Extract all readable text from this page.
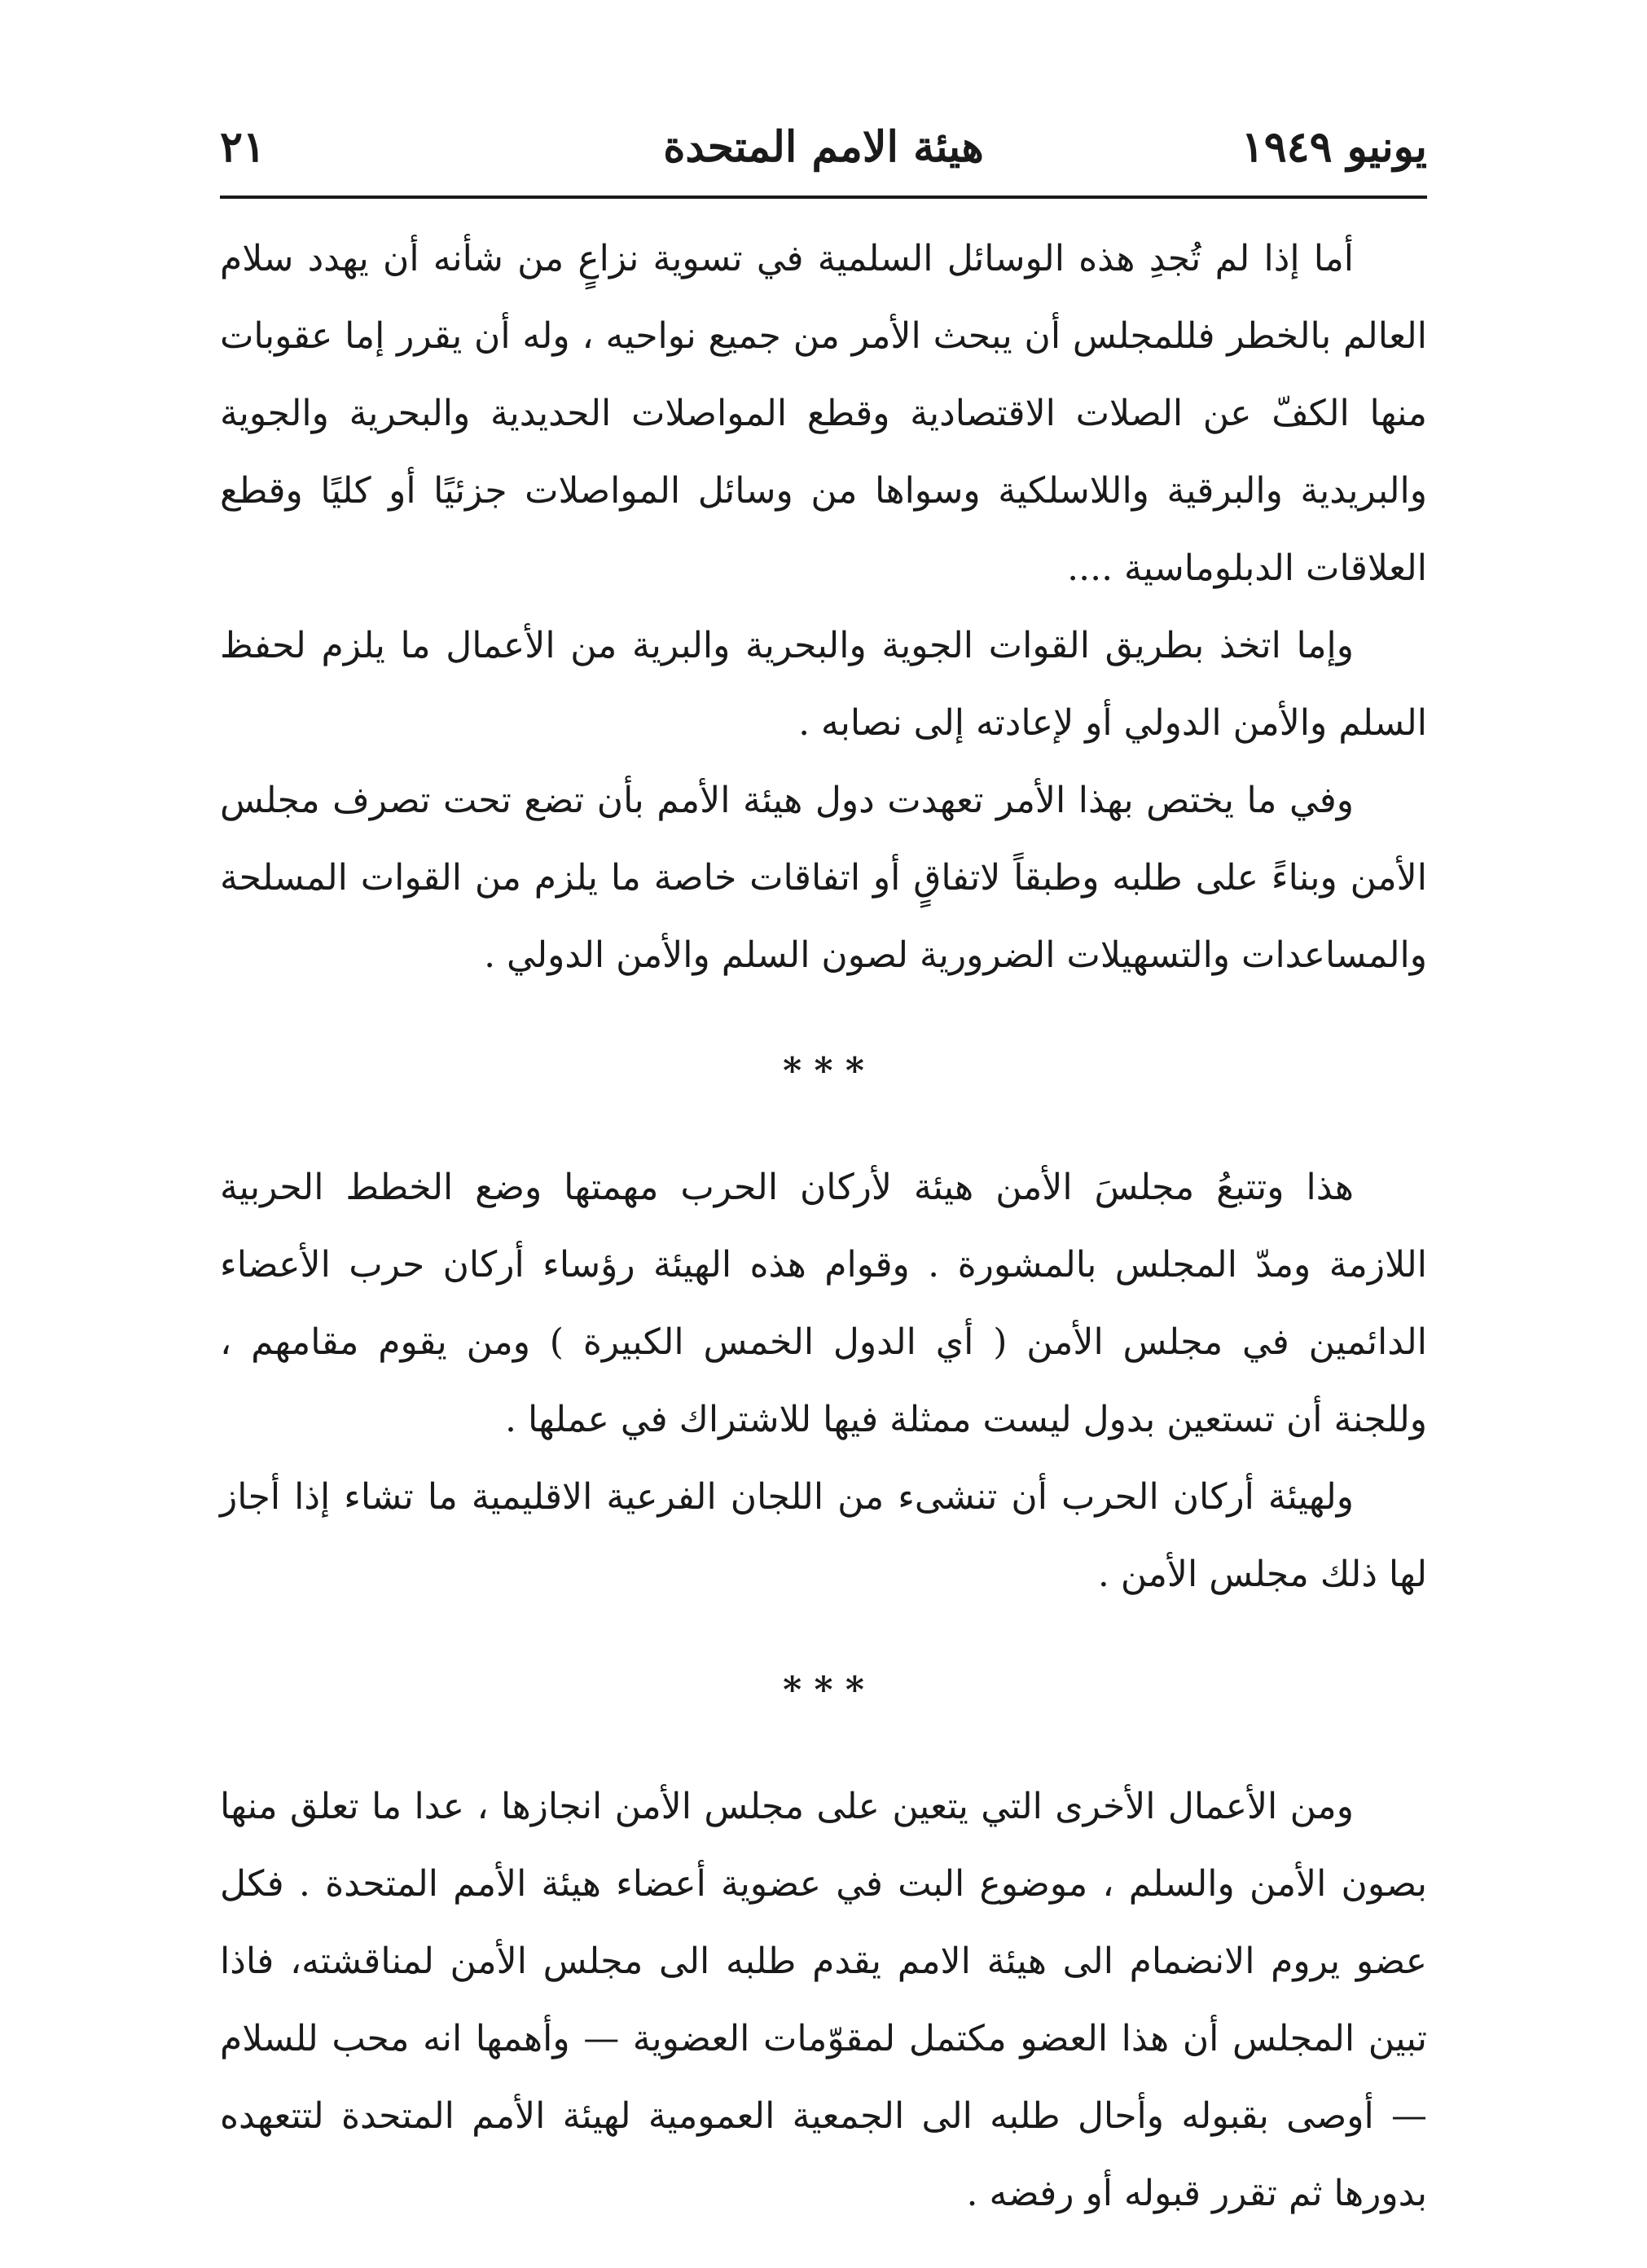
يونيو ١٩٤٩
هيئة الامم المتحدة
٢١

أما إذا لم تُجدِ هذه الوسائل السلمية في تسوية نزاعٍ من شأنه أن يهدد سلام العالم بالخطر فللمجلس أن يبحث الأمر من جميع نواحيه ، وله أن يقرر إما عقوبات منها الكفّ عن الصلات الاقتصادية وقطع المواصلات الحديدية والبحرية والجوية والبريدية والبرقية واللاسلكية وسواها من وسائل المواصلات جزئيًا أو كليًا وقطع العلاقات الدبلوماسية ....

وإما اتخذ بطريق القوات الجوية والبحرية والبرية من الأعمال ما يلزم لحفظ السلم والأمن الدولي أو لإعادته إلى نصابه .

وفي ما يختص بهذا الأمر تعهدت دول هيئة الأمم بأن تضع تحت تصرف مجلس الأمن وبناءً على طلبه وطبقاً لاتفاقٍ أو اتفاقات خاصة ما يلزم من القوات المسلحة والمساعدات والتسهيلات الضرورية لصون السلم والأمن الدولي .

* * *

هذا وتتبعُ مجلسَ الأمن هيئة لأركان الحرب مهمتها وضع الخطط الحربية اللازمة ومدّ المجلس بالمشورة . وقوام هذه الهيئة رؤساء أركان حرب الأعضاء الدائمين في مجلس الأمن ( أي الدول الخمس الكبيرة ) ومن يقوم مقامهم ، وللجنة أن تستعين بدول ليست ممثلة فيها للاشتراك في عملها .

ولهيئة أركان الحرب أن تنشىء من اللجان الفرعية الاقليمية ما تشاء إذا أجاز لها ذلك مجلس الأمن .

* * *

ومن الأعمال الأخرى التي يتعين على مجلس الأمن انجازها ، عدا ما تعلق منها بصون الأمن والسلم ، موضوع البت في عضوية أعضاء هيئة الأمم المتحدة . فكل عضو يروم الانضمام الى هيئة الامم يقدم طلبه الى مجلس الأمن لمناقشته، فاذا تبين المجلس أن هذا العضو مكتمل لمقوّمات العضوية — وأهمها انه محب للسلام — أوصى بقبوله وأحال طلبه الى الجمعية العمومية لهيئة الأمم المتحدة لتتعهده بدورها ثم تقرر قبوله أو رفضه .
